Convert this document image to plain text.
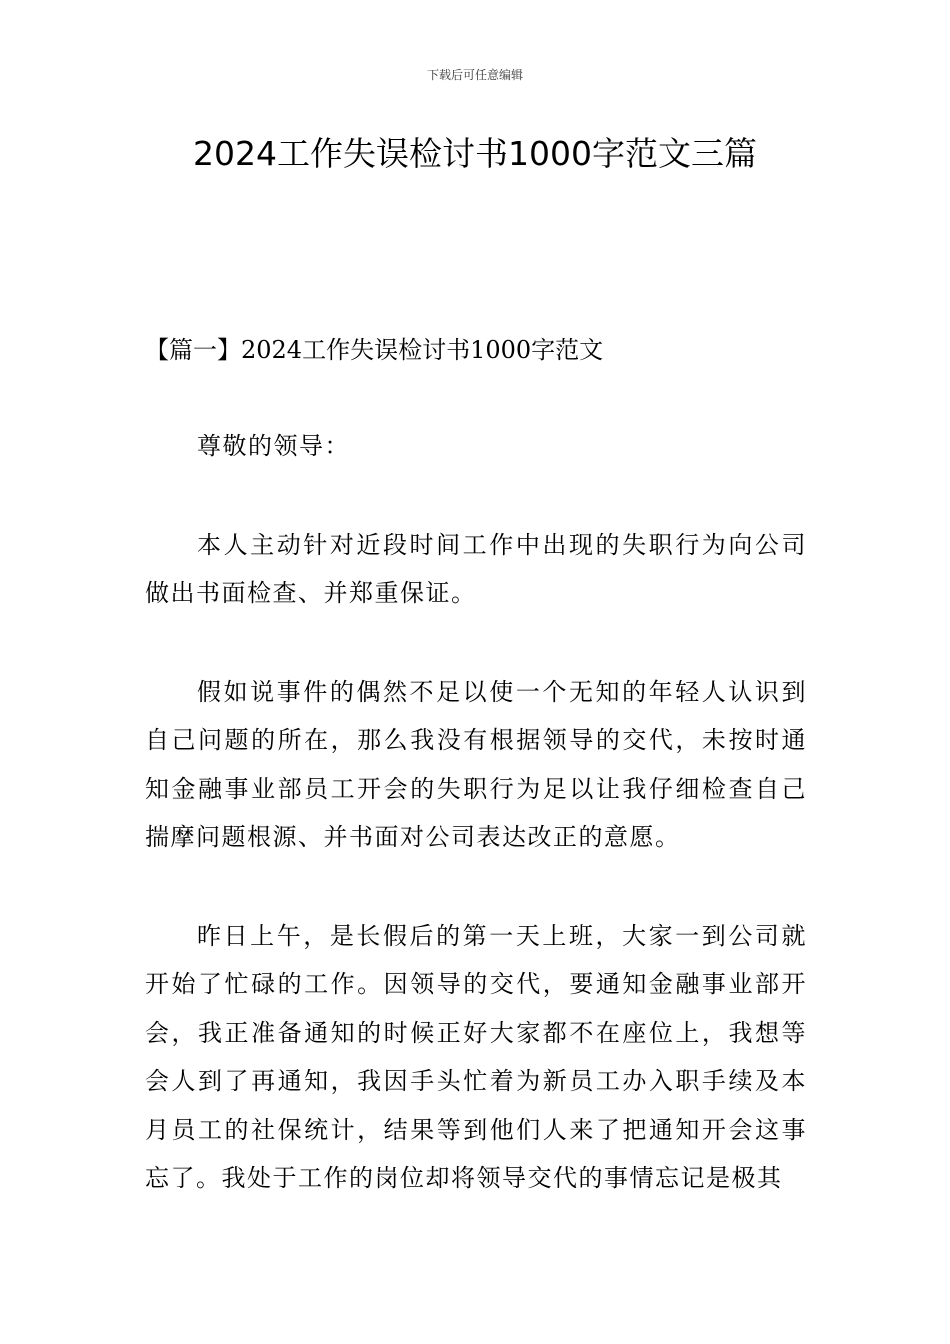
下载后可任意编辑
2024工作失误检讨书1000字范文三篇

【篇一】2024工作失误检讨书1000字范文

尊敬的领导：

本人主动针对近段时间工作中出现的失职行为向公司做出书面检查、并郑重保证。

假如说事件的偶然不足以使一个无知的年轻人认识到自己问题的所在，那么我没有根据领导的交代，未按时通知金融事业部员工开会的失职行为足以让我仔细检查自己揣摩问题根源、并书面对公司表达改正的意愿。

昨日上午，是长假后的第一天上班，大家一到公司就开始了忙碌的工作。因领导的交代，要通知金融事业部开会，我正准备通知的时候正好大家都不在座位上，我想等会人到了再通知，我因手头忙着为新员工办入职手续及本月员工的社保统计，结果等到他们人来了把通知开会这事忘了。我处于工作的岗位却将领导交代的事情忘记是极其
